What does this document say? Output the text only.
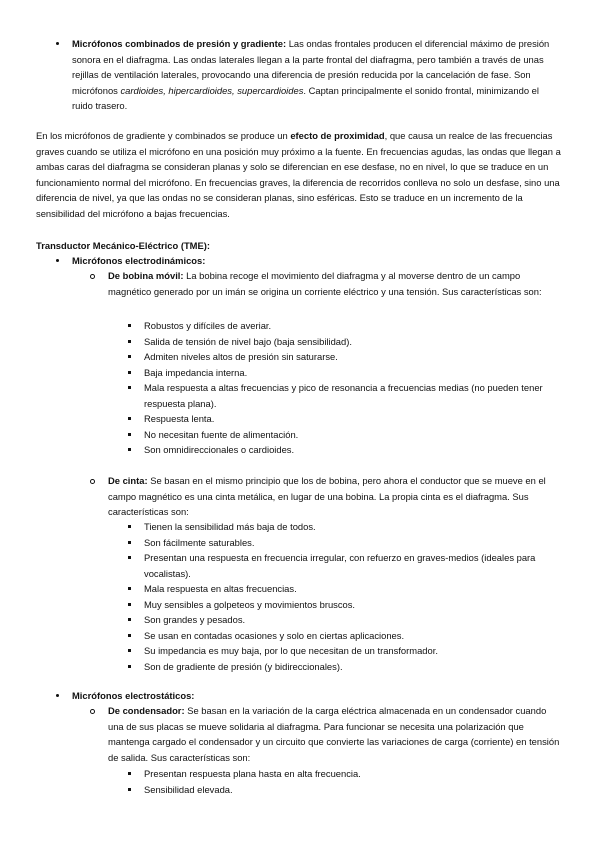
Micrófonos combinados de presión y gradiente: Las ondas frontales producen el diferencial máximo de presión sonora en el diafragma. Las ondas laterales llegan a la parte frontal del diafragma, pero también a través de unas rejillas de ventilación laterales, provocando una diferencia de presión reducida por la cancelación de fase. Son micrófonos cardioides, hipercardioides, supercardioides. Captan principalmente el sonido frontal, minimizando el ruido trasero.
En los micrófonos de gradiente y combinados se produce un efecto de proximidad, que causa un realce de las frecuencias graves cuando se utiliza el micrófono en una posición muy próximo a la fuente. En frecuencias agudas, las ondas que llegan a ambas caras del diafragma se consideran planas y solo se diferencian en ese desfase, no en nivel, lo que se traduce en un funcionamiento normal del micrófono. En frecuencias graves, la diferencia de recorridos conlleva no solo un desfase, sino una diferencia de nivel, ya que las ondas no se consideran planas, sino esféricas. Esto se traduce en un incremento de la sensibilidad del micrófono a bajas frecuencias.
Transductor Mecánico-Eléctrico (TME):
Micrófonos electrodinámicos:
De bobina móvil: La bobina recoge el movimiento del diafragma y al moverse dentro de un campo magnético generado por un imán se origina un corriente eléctrico y una tensión. Sus características son:
Robustos y difíciles de averiar.
Salida de tensión de nivel bajo (baja sensibilidad).
Admiten niveles altos de presión sin saturarse.
Baja impedancia interna.
Mala respuesta a altas frecuencias y pico de resonancia a frecuencias medias (no pueden tener respuesta plana).
Respuesta lenta.
No necesitan fuente de alimentación.
Son omnidireccionales o cardioides.
De cinta: Se basan en el mismo principio que los de bobina, pero ahora el conductor que se mueve en el campo magnético es una cinta metálica, en lugar de una bobina. La propia cinta es el diafragma. Sus características son:
Tienen la sensibilidad más baja de todos.
Son fácilmente saturables.
Presentan una respuesta en frecuencia irregular, con refuerzo en graves-medios (ideales para vocalistas).
Mala respuesta en altas frecuencias.
Muy sensibles a golpeteos y movimientos bruscos.
Son grandes y pesados.
Se usan en contadas ocasiones y solo en ciertas aplicaciones.
Su impedancia es muy baja, por lo que necesitan de un transformador.
Son de gradiente de presión (y bidireccionales).
Micrófonos electrostáticos:
De condensador: Se basan en la variación de la carga eléctrica almacenada en un condensador cuando una de sus placas se mueve solidaria al diafragma. Para funcionar se necesita una polarización que mantenga cargado el condensador y un circuito que convierte las variaciones de carga (corriente) en tensión de salida. Sus características son:
Presentan respuesta plana hasta en alta frecuencia.
Sensibilidad elevada.
